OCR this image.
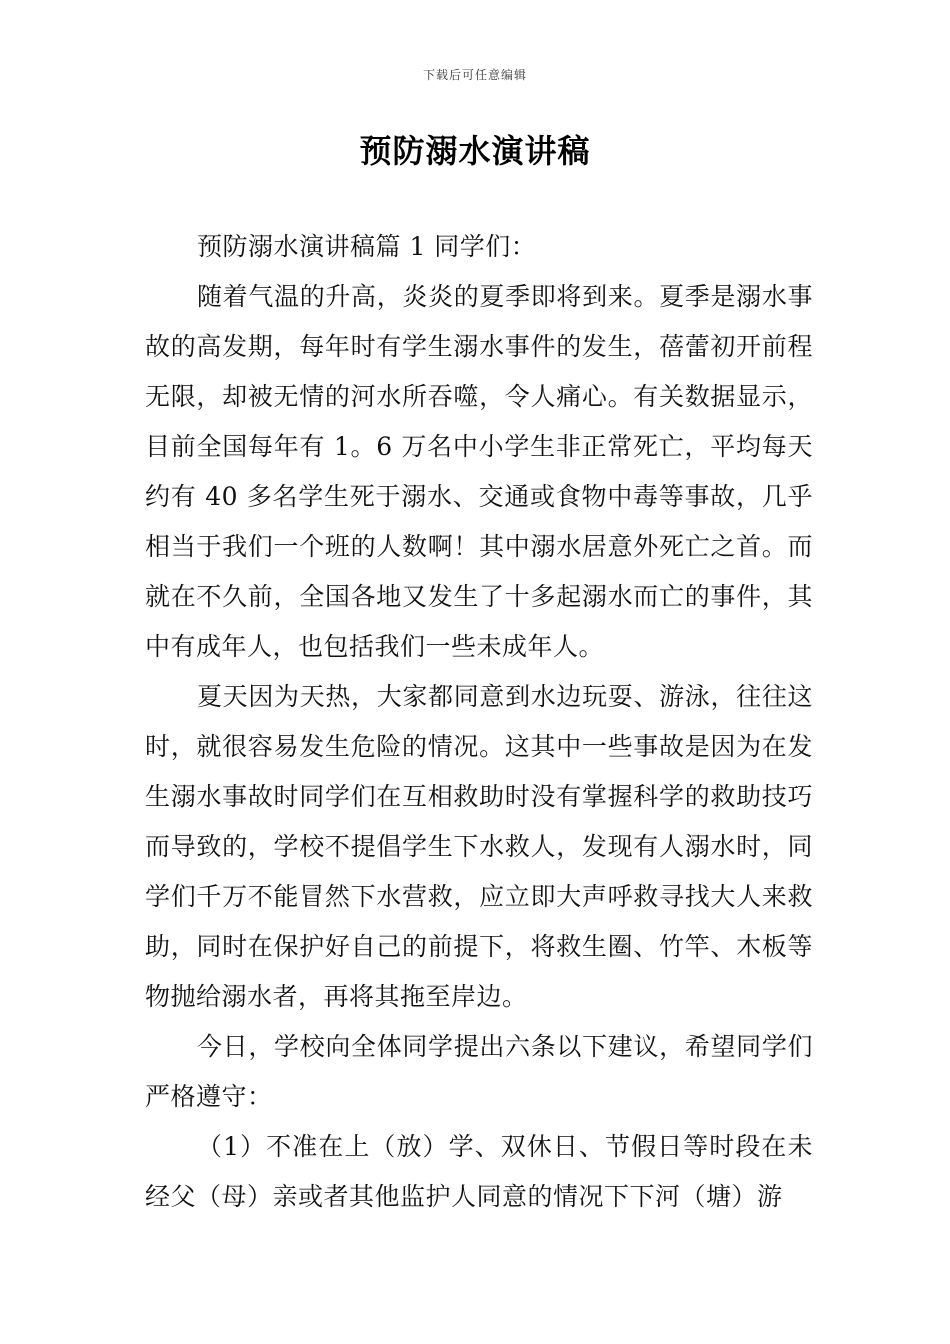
下载后可任意编辑
预防溺水演讲稿

预防溺水演讲稿篇 1 同学们：

随着气温的升高，炎炎的夏季即将到来。夏季是溺水事故的高发期，每年时有学生溺水事件的发生，蓓蕾初开前程无限，却被无情的河水所吞噬，令人痛心。有关数据显示，目前全国每年有 1。6 万名中小学生非正常死亡，平均每天约有 40 多名学生死于溺水、交通或食物中毒等事故，几乎相当于我们一个班的人数啊！其中溺水居意外死亡之首。而就在不久前，全国各地又发生了十多起溺水而亡的事件，其中有成年人，也包括我们一些未成年人。

夏天因为天热，大家都同意到水边玩耍、游泳，往往这时，就很容易发生危险的情况。这其中一些事故是因为在发生溺水事故时同学们在互相救助时没有掌握科学的救助技巧而导致的，学校不提倡学生下水救人，发现有人溺水时，同学们千万不能冒然下水营救，应立即大声呼救寻找大人来救助，同时在保护好自己的前提下，将救生圈、竹竿、木板等物抛给溺水者，再将其拖至岸边。

今日，学校向全体同学提出六条以下建议，希望同学们严格遵守：

（1）不准在上（放）学、双休日、节假日等时段在未经父（母）亲或者其他监护人同意的情况下下河（塘）游
